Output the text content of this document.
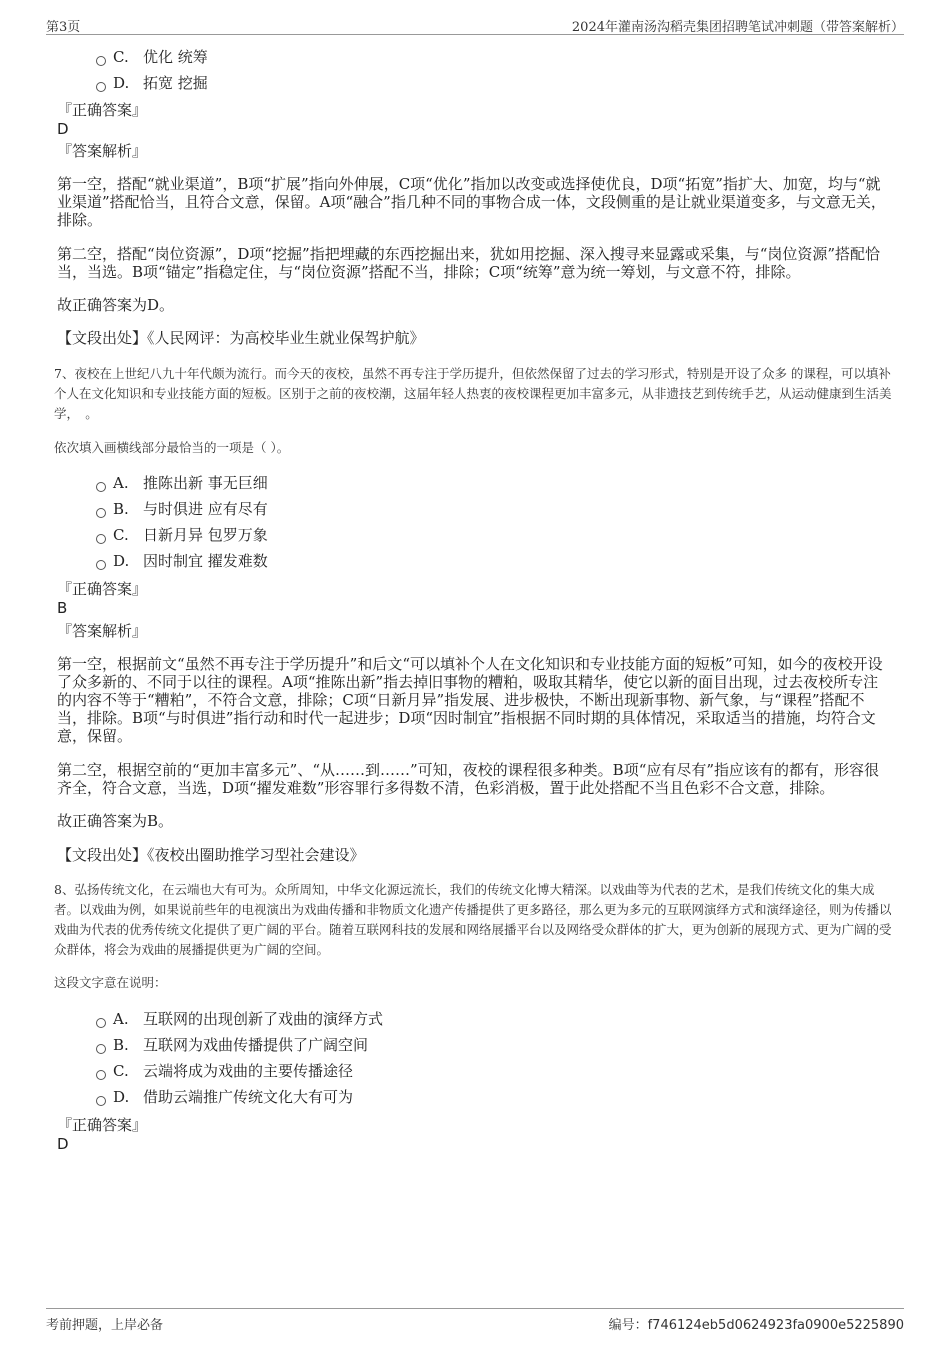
第3页	2024年灌南汤沟稻壳集团招聘笔试冲刺题（带答案解析）
C. 优化 统筹
D. 拓宽 挖掘
『正确答案』
D
『答案解析』
第一空，搭配“就业渠道”，B项“扩展”指向外伸展，C项“优化”指加以改变或选择使优良，D项“拓宽”指扩大、加宽，均与“就业渠道”搭配恰当，且符合文意，保留。A项“融合”指几种不同的事物合成一体，文段侧重的是让就业渠道变多，与文意无关，排除。
第二空，搭配“岗位资源”，D项“挖掘”指把埋藏的东西挖掘出来，犹如用挖掘、深入搜寻来显露或采集，与“岗位资源”搭配恰当，当选。B项“锚定”指稳定住，与“岗位资源”搭配不当，排除；C项“统筹”意为统一筹划，与文意不符，排除。
故正确答案为D。
【文段出处】《人民网评：为高校毕业生就业保驾护航》
7、夜校在上世纪八九十年代颇为流行。而今天的夜校，虽然不再专注于学历提升，但依然保留了过去的学习形式，特别是开设了众多 的课程，可以填补个人在文化知识和专业技能方面的短板。区别于之前的夜校潮，这届年轻人热衷的夜校课程更加丰富多元，从非遗技艺到传统手艺，从运动健康到生活美学，　。
依次填入画横线部分最恰当的一项是（ ）。
A. 推陈出新 事无巨细
B. 与时俱进 应有尽有
C. 日新月异 包罗万象
D. 因时制宜 擢发难数
『正确答案』
B
『答案解析』
第一空，根据前文“虽然不再专注于学历提升”和后文“可以填补个人在文化知识和专业技能方面的短板”可知，如今的夜校开设了众多新的、不同于以往的课程。A项“推陈出新”指去掉旧事物的糟粕，吸取其精华，使它以新的面目出现，过去夜校所专注的内容不等于“糟粕”，不符合文意，排除；C项“日新月异”指发展、进步极快，不断出现新事物、新气象，与“课程”搭配不当，排除。B项“与时俱进”指行动和时代一起进步；D项“因时制宜”指根据不同时期的具体情况，采取适当的措施，均符合文意，保留。
第二空，根据空前的“更加丰富多元”、“从……到……”可知，夜校的课程很多种类。B项“应有尽有”指应该有的都有，形容很齐全，符合文意，当选，D项“擢发难数”形容罪行多得数不清，色彩消极，置于此处搭配不当且色彩不合文意，排除。
故正确答案为B。
【文段出处】《夜校出圈助推学习型社会建设》
8、弘扬传统文化，在云端也大有可为。众所周知，中华文化源远流长，我们的传统文化博大精深。以戏曲等为代表的艺术，是我们传统文化的集大成者。以戏曲为例，如果说前些年的电视演出为戏曲传播和非物质文化遗产传播提供了更多路径，那么更为多元的互联网演绎方式和演绎途径，则为传播以戏曲为代表的优秀传统文化提供了更广阔的平台。随着互联网科技的发展和网络展播平台以及网络受众群体的扩大，更为创新的展现方式、更为广阔的受众群体，将会为戏曲的展播提供更为广阔的空间。
这段文字意在说明：
A. 互联网的出现创新了戏曲的演绎方式
B. 互联网为戏曲传播提供了广阔空间
C. 云端将成为戏曲的主要传播途径
D. 借助云端推广传统文化大有可为
『正确答案』
D
考前押题，上岸必备	编号：f746124eb5d0624923fa0900e5225890
